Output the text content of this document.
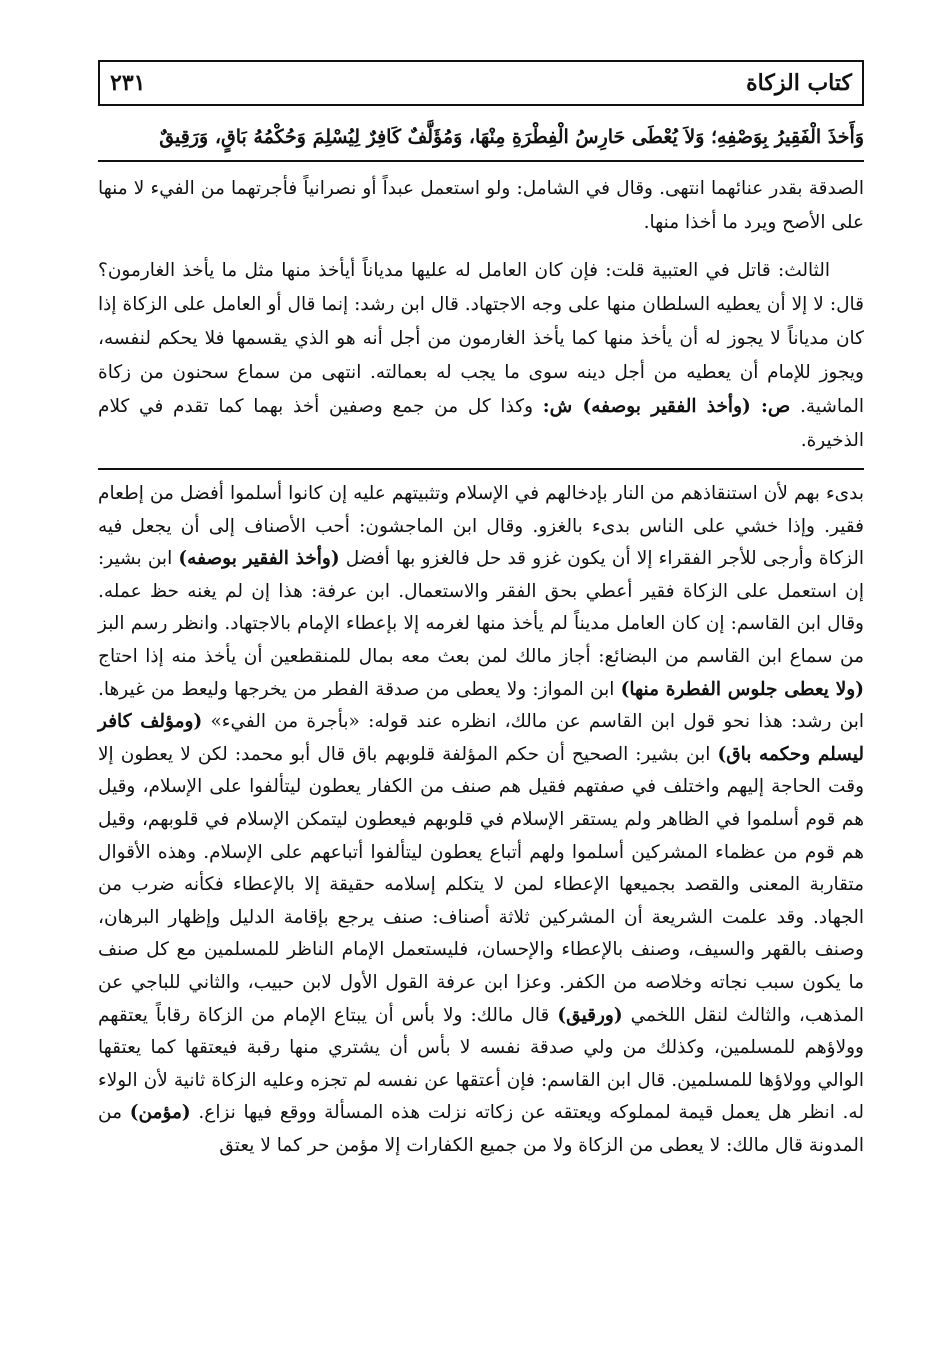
كتاب الزكاة
٢٣١
وَأَخذَ الْفَقِيرُ بِوَصْفِهِ؛ وَلاَ يُعْطَى حَارِسُ الْفِطْرَةِ مِنْهَا، وَمُؤَلَّفٌ كَافِرٌ لِيُسْلِمَ وَحُكْمُهُ بَاقٍ، وَرَقِيقٌ

الصدقة بقدر عنائهما انتهى. وقال في الشامل: ولو استعمل عبداً أو نصرانياً فأجرتهما من الفيء لا منها على الأصح ويرد ما أخذا منها.

الثالث: قاتل في العتبية قلت: فإن كان العامل له عليها مدياناً أيأخذ منها مثل ما يأخذ الغارمون؟ قال: لا إلا أن يعطيه السلطان منها على وجه الاجتهاد. قال ابن رشد: إنما قال أو العامل على الزكاة إذا كان مدياناً لا يجوز له أن يأخذ منها كما يأخذ الغارمون من أجل أنه هو الذي يقسمها فلا يحكم لنفسه، ويجوز للإمام أن يعطيه من أجل دينه سوى ما يجب له بعمالته. انتهى من سماع سحنون من زكاة الماشية. ص: (وأخذ الفقير بوصفه) ش: وكذا كل من جمع وصفين أخذ بهما كما تقدم في كلام الذخيرة.

بدىء بهم لأن استنقاذهم من النار بإدخالهم في الإسلام وتثبيتهم عليه إن كانوا أسلموا أفضل من إطعام فقير. وإذا خشي على الناس بدىء بالغزو. وقال ابن الماجشون: أحب الأصناف إلى أن يجعل فيه الزكاة وأرجى للأجر الفقراء إلا أن يكون غزو قد حل فالغزو بها أفضل (وأخذ الفقير بوصفه) ابن بشير: إن استعمل على الزكاة فقير أعطي بحق الفقر والاستعمال. ابن عرفة: هذا إن لم يغنه حظ عمله. وقال ابن القاسم: إن كان العامل مديناً لم يأخذ منها لغرمه إلا بإعطاء الإمام بالاجتهاد. وانظر رسم البز من سماع ابن القاسم من البضائع: أجاز مالك لمن بعث معه بمال للمنقطعين أن يأخذ منه إذا احتاج (ولا يعطى جلوس الفطرة منها) ابن المواز: ولا يعطى من صدقة الفطر من يخرجها وليعط من غيرها. ابن رشد: هذا نحو قول ابن القاسم عن مالك، انظره عند قوله: «بأجرة من الفيء» (ومؤلف كافر ليسلم وحكمه باق) ابن بشير: الصحيح أن حكم المؤلفة قلوبهم باق قال أبو محمد: لكن لا يعطون إلا وقت الحاجة إليهم واختلف في صفتهم فقيل هم صنف من الكفار يعطون ليتألفوا على الإسلام، وقيل هم قوم أسلموا في الظاهر ولم يستقر الإسلام في قلوبهم فيعطون ليتمكن الإسلام في قلوبهم، وقيل هم قوم من عظماء المشركين أسلموا ولهم أتباع يعطون ليتألفوا أتباعهم على الإسلام. وهذه الأقوال متقاربة المعنى والقصد بجميعها الإعطاء لمن لا يتكلم إسلامه حقيقة إلا بالإعطاء فكأنه ضرب من الجهاد. وقد علمت الشريعة أن المشركين ثلاثة أصناف: صنف يرجع بإقامة الدليل وإظهار البرهان، وصنف بالقهر والسيف، وصنف بالإعطاء والإحسان، فليستعمل الإمام الناظر للمسلمين مع كل صنف ما يكون سبب نجاته وخلاصه من الكفر. وعزا ابن عرفة القول الأول لابن حبيب، والثاني للباجي عن المذهب، والثالث لنقل اللخمي (ورقيق) قال مالك: ولا بأس أن يبتاع الإمام من الزكاة رقاباً يعتقهم وولاؤهم للمسلمين، وكذلك من ولي صدقة نفسه لا بأس أن يشتري منها رقبة فيعتقها كما يعتقها الوالي وولاؤها للمسلمين. قال ابن القاسم: فإن أعتقها عن نفسه لم تجزه وعليه الزكاة ثانية لأن الولاء له. انظر هل يعمل قيمة لمملوكه ويعتقه عن زكاته نزلت هذه المسألة ووقع فيها نزاع. (مؤمن) من المدونة قال مالك: لا يعطى من الزكاة ولا من جميع الكفارات إلا مؤمن حر كما لا يعتق
